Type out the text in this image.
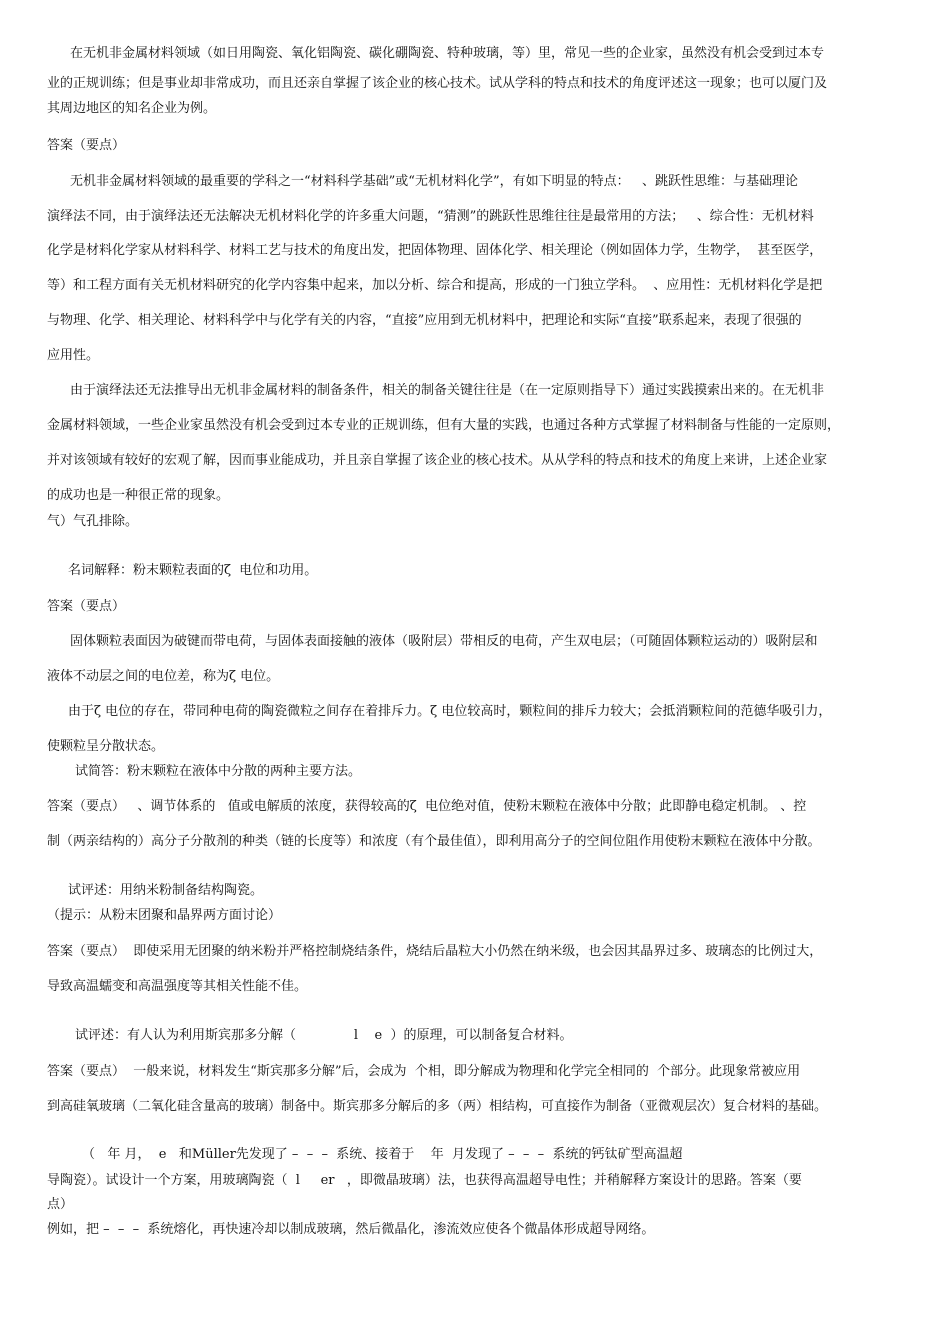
在无机非金属材料领域（如日用陶瓷、氧化铝陶瓷、碳化硼陶瓷、特种玻璃，等）里，常见一些的企业家，虽然没有机会受到过本专
业的正规训练；但是事业却非常成功，而且还亲自掌握了该企业的核心技术。试从学科的特点和技术的角度评述这一现象；也可以厦门及
其周边地区的知名企业为例。
答案（要点）
无机非金属材料领域的最重要的学科之一“材料科学基础”或“无机材料化学”，有如下明显的特点：   、跳跃性思维：与基础理论
演绎法不同，由于演绎法还无法解决无机材料化学的许多重大问题，“猜测”的跳跃性思维往往是最常用的方法；   、综合性：无机材料
化学是材料化学家从材料科学、材料工艺与技术的角度出发，把固体物理、固体化学、相关理论（例如固体力学，生物学，  甚至医学，
等）和工程方面有关无机材料研究的化学内容集中起来，加以分析、综合和提高，形成的一门独立学科。  、应用性：无机材料化学是把
与物理、化学、相关理论、材料科学中与化学有关的内容，“直接”应用到无机材料中，把理论和实际“直接”联系起来，表现了很强的
应用性。
由于演绎法还无法推导出无机非金属材料的制备条件，相关的制备关键往往是（在一定原则指导下）通过实践摸索出来的。在无机非
金属材料领域，一些企业家虽然没有机会受到过本专业的正规训练，但有大量的实践，也通过各种方式掌握了材料制备与性能的一定原则，
并对该领域有较好的宏观了解，因而事业能成功，并且亲自掌握了该企业的核心技术。从从学科的特点和技术的角度上来讲，上述企业家
的成功也是一种很正常的现象。
气）气孔排除。
名词解释：粉末颗粒表面的ζ  电位和功用。
答案（要点）
固体颗粒表面因为破键而带电荷，与固体表面接触的液体（吸附层）带相反的电荷，产生双电层；（可随固体颗粒运动的）吸附层和
液体不动层之间的电位差，称为ζ 电位。
由于ζ 电位的存在，带同种电荷的陶瓷微粒之间存在着排斥力。ζ 电位较高时，颗粒间的排斥力较大；会抵消颗粒间的范德华吸引力，
使颗粒呈分散状态。
试简答：粉末颗粒在液体中分散的两种主要方法。
答案（要点）   、调节体系的   值或电解质的浓度，获得较高的ζ  电位绝对值，使粉末颗粒在液体中分散；此即静电稳定机制。 、控
制（两亲结构的）高分子分散剂的种类（链的长度等）和浓度（有个最佳值），即利用高分子的空间位阻作用使粉末颗粒在液体中分散。
试评述：用纳米粉制备结构陶瓷。
（提示：从粉末团聚和晶界两方面讨论）
答案（要点）  即使采用无团聚的纳米粉并严格控制烧结条件，烧结后晶粒大小仍然在纳米级，也会因其晶界过多、玻璃态的比例过大，
导致高温蠕变和高温强度等其相关性能不佳。
试评述：有人认为利用斯宾那多分解（              l    e  ）的原理，可以制备复合材料。
答案（要点）  一般来说，材料发生“斯宾那多分解”后，会成为  个相，即分解成为物理和化学完全相同的  个部分。此现象常被应用
到高硅氧玻璃（二氧化硅含量高的玻璃）制备中。斯宾那多分解后的多（两）相结构，可直接作为制备（亚微观层次）复合材料的基础。
（   年 月，  e   和Müller先发现了 –  –  –  系统、接着于    年  月发现了 –  –  –  系统的钙钛矿型高温超
导陶瓷）。试设计一个方案，用玻璃陶瓷（  l     er   ，即微晶玻璃）法，也获得高温超导电性；并稍解释方案设计的思路。答案（要
点）
例如，把 –  –  –  系统熔化，再快速冷却以制成玻璃，然后微晶化，渗流效应使各个微晶体形成超导网络。
